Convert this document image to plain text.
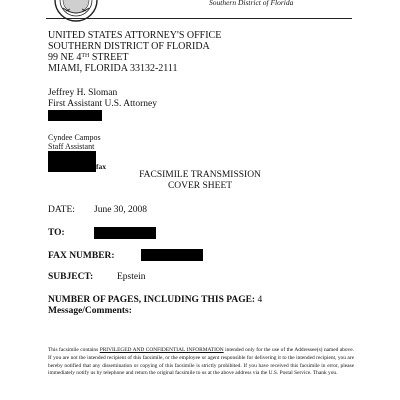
Southern District of Florida
UNITED STATES ATTORNEY'S OFFICE
SOUTHERN DISTRICT OF FLORIDA
99 NE 4TH STREET
MIAMI, FLORIDA 33132-2111
Jeffrey H. Sloman
First Assistant U.S. Attorney
Cyndee Campos
Staff Assistant
fax
FACSIMILE TRANSMISSION
COVER SHEET
DATE: June 30, 2008
TO:
FAX NUMBER:
SUBJECT:	Epstein
NUMBER OF PAGES, INCLUDING THIS PAGE: 4
Message/Comments:
This facsimile contains PRIVILEGED AND CONFIDENTIAL INFORMATION intended only for the use of the Addressee(s) named above. If you are not the intended recipient of this facsimile, or the employee or agent responsible for delivering it to the intended recipient, you are hereby notified that any dissemination or copying of this facsimile is strictly prohibited. If you have received this facsimile in error, please immediately notify us by telephone and return the original facsimile to us at the above address via the U.S. Postal Service. Thank you.
